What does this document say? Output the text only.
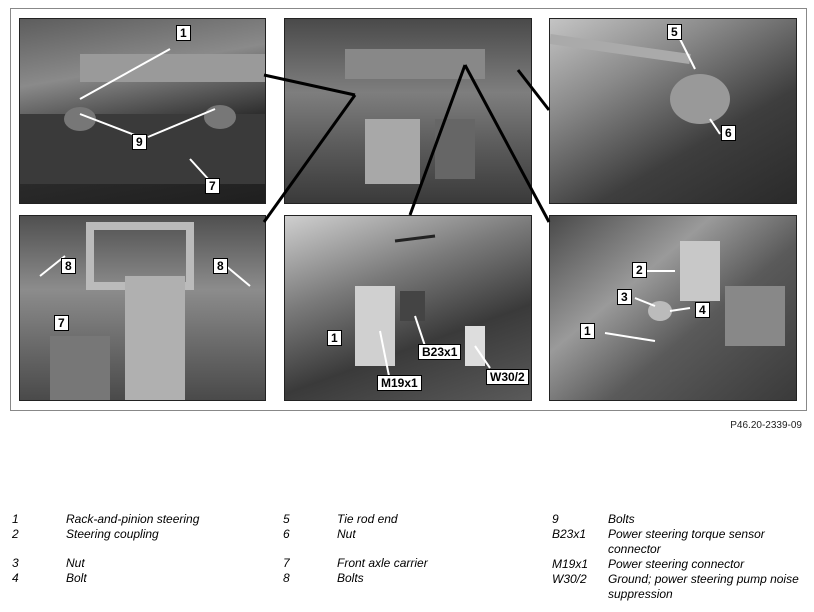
1
9
7
5
6
8	8
7
1
B23x1
M19x1	W30/2
2
3
4
1
P46.20-2339-09
1	Rack-and-pinion steering
2	Steering coupling
3	Nut
4	Bolt
5	Tie rod end
6	Nut
7	Front axle carrier
8	Bolts
9	Bolts
B23x1	Power steering torque sensor connector
M19x1	Power steering connector
W30/2	Ground; power steering pump noise suppression
